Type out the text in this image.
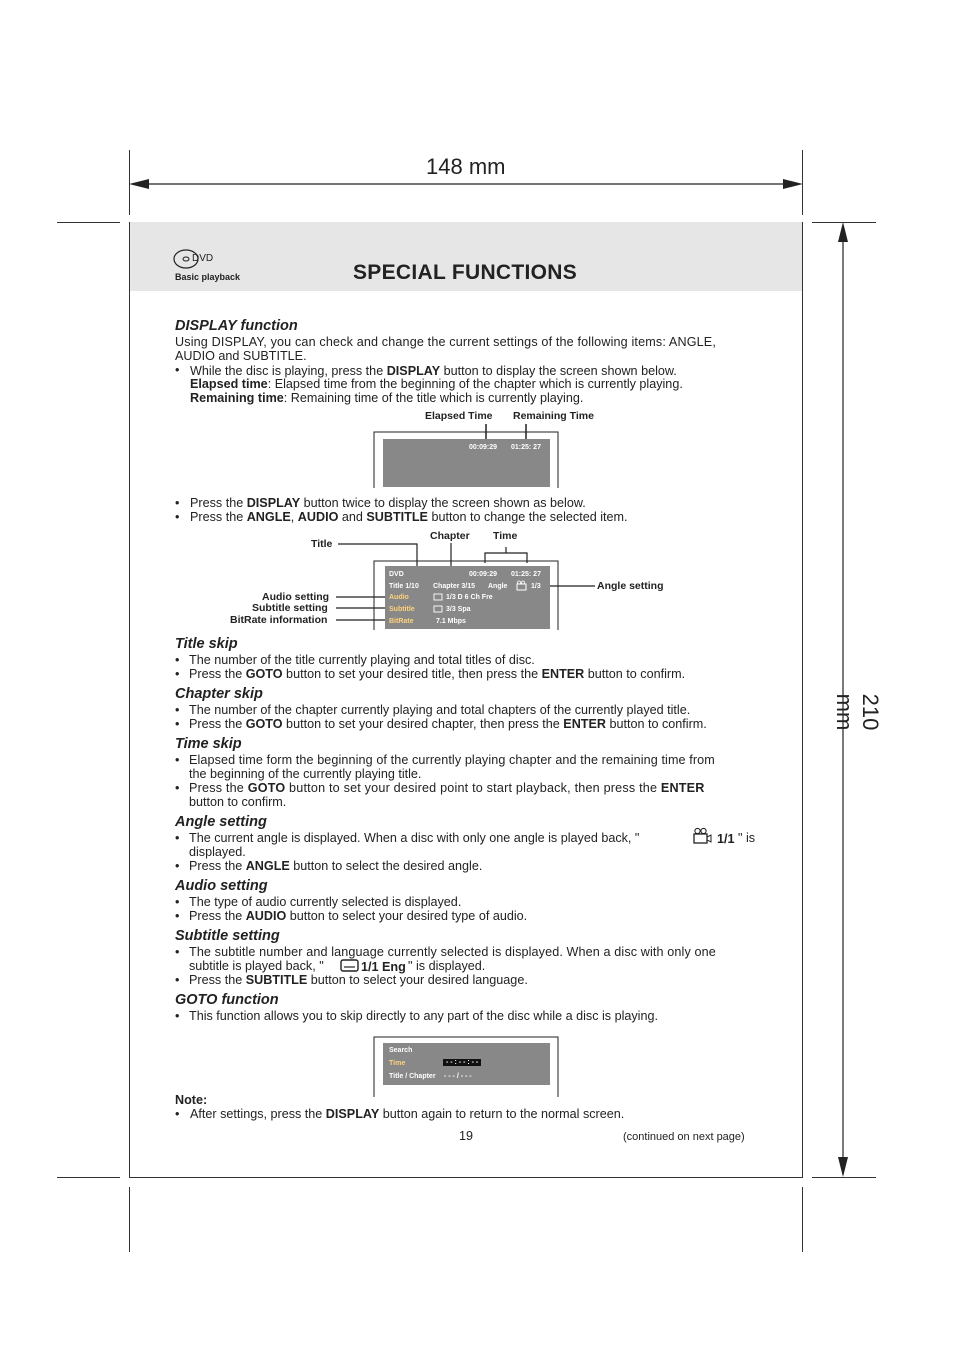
148 mm
210 mm
DVD
Basic playback	SPECIAL FUNCTIONS
DISPLAY function
Using DISPLAY, you can check and change the current settings of the following items: ANGLE,
AUDIO and SUBTITLE.
• While the disc is playing, press the DISPLAY button to display the screen shown below.
Elapsed time: Elapsed time from the beginning of the chapter which is currently playing.
Remaining time: Remaining time of the title which is currently playing.
Elapsed Time Remaining Time
00:09:29 01:25: 27
• Press the DISPLAY button twice to display the screen shown as below.
• Press the ANGLE, AUDIO and SUBTITLE button to change the selected item.
Chapter Time
Title
Angle setting
Audio setting
Subtitle setting
BitRate information
DVD	00:09:29 01:25: 27
Title 1/10 Chapter 3/15 Angle	1/3
Audio	1/3 D 6 Ch Fre
Subtitle	3/3 Spa
BitRate	7.1 Mbps
Title skip
• The number of the title currently playing and total titles of disc.
• Press the GOTO button to set your desired title, then press the ENTER button to confirm.
Chapter skip
• The number of the chapter currently playing and total chapters of the currently played title.
• Press the GOTO button to set your desired chapter, then press the ENTER button to confirm.
Time skip
• Elapsed time form the beginning of the currently playing chapter and the remaining time from
the beginning of the currently playing title.
• Press the GOTO button to set your desired point to start playback, then press the ENTER
button to confirm.
Angle setting
• The current angle is displayed. When a disc with only one angle is played back, "	1/1 " is
displayed.
• Press the ANGLE button to select the desired angle.
Audio setting
• The type of audio currently selected is displayed.
• Press the AUDIO button to select your desired type of audio.
Subtitle setting
• The subtitle number and language currently selected is displayed. When a disc with only one
subtitle is played back, "	1/1 Eng " is displayed.
• Press the SUBTITLE button to select your desired language.
GOTO function
• This function allows you to skip directly to any part of the disc while a disc is playing.
Search
Time	- - : - - : - -
Title / Chapter - - - / - - -
Note:
• After settings, press the DISPLAY button again to return to the normal screen.
19	(continued on next page)
